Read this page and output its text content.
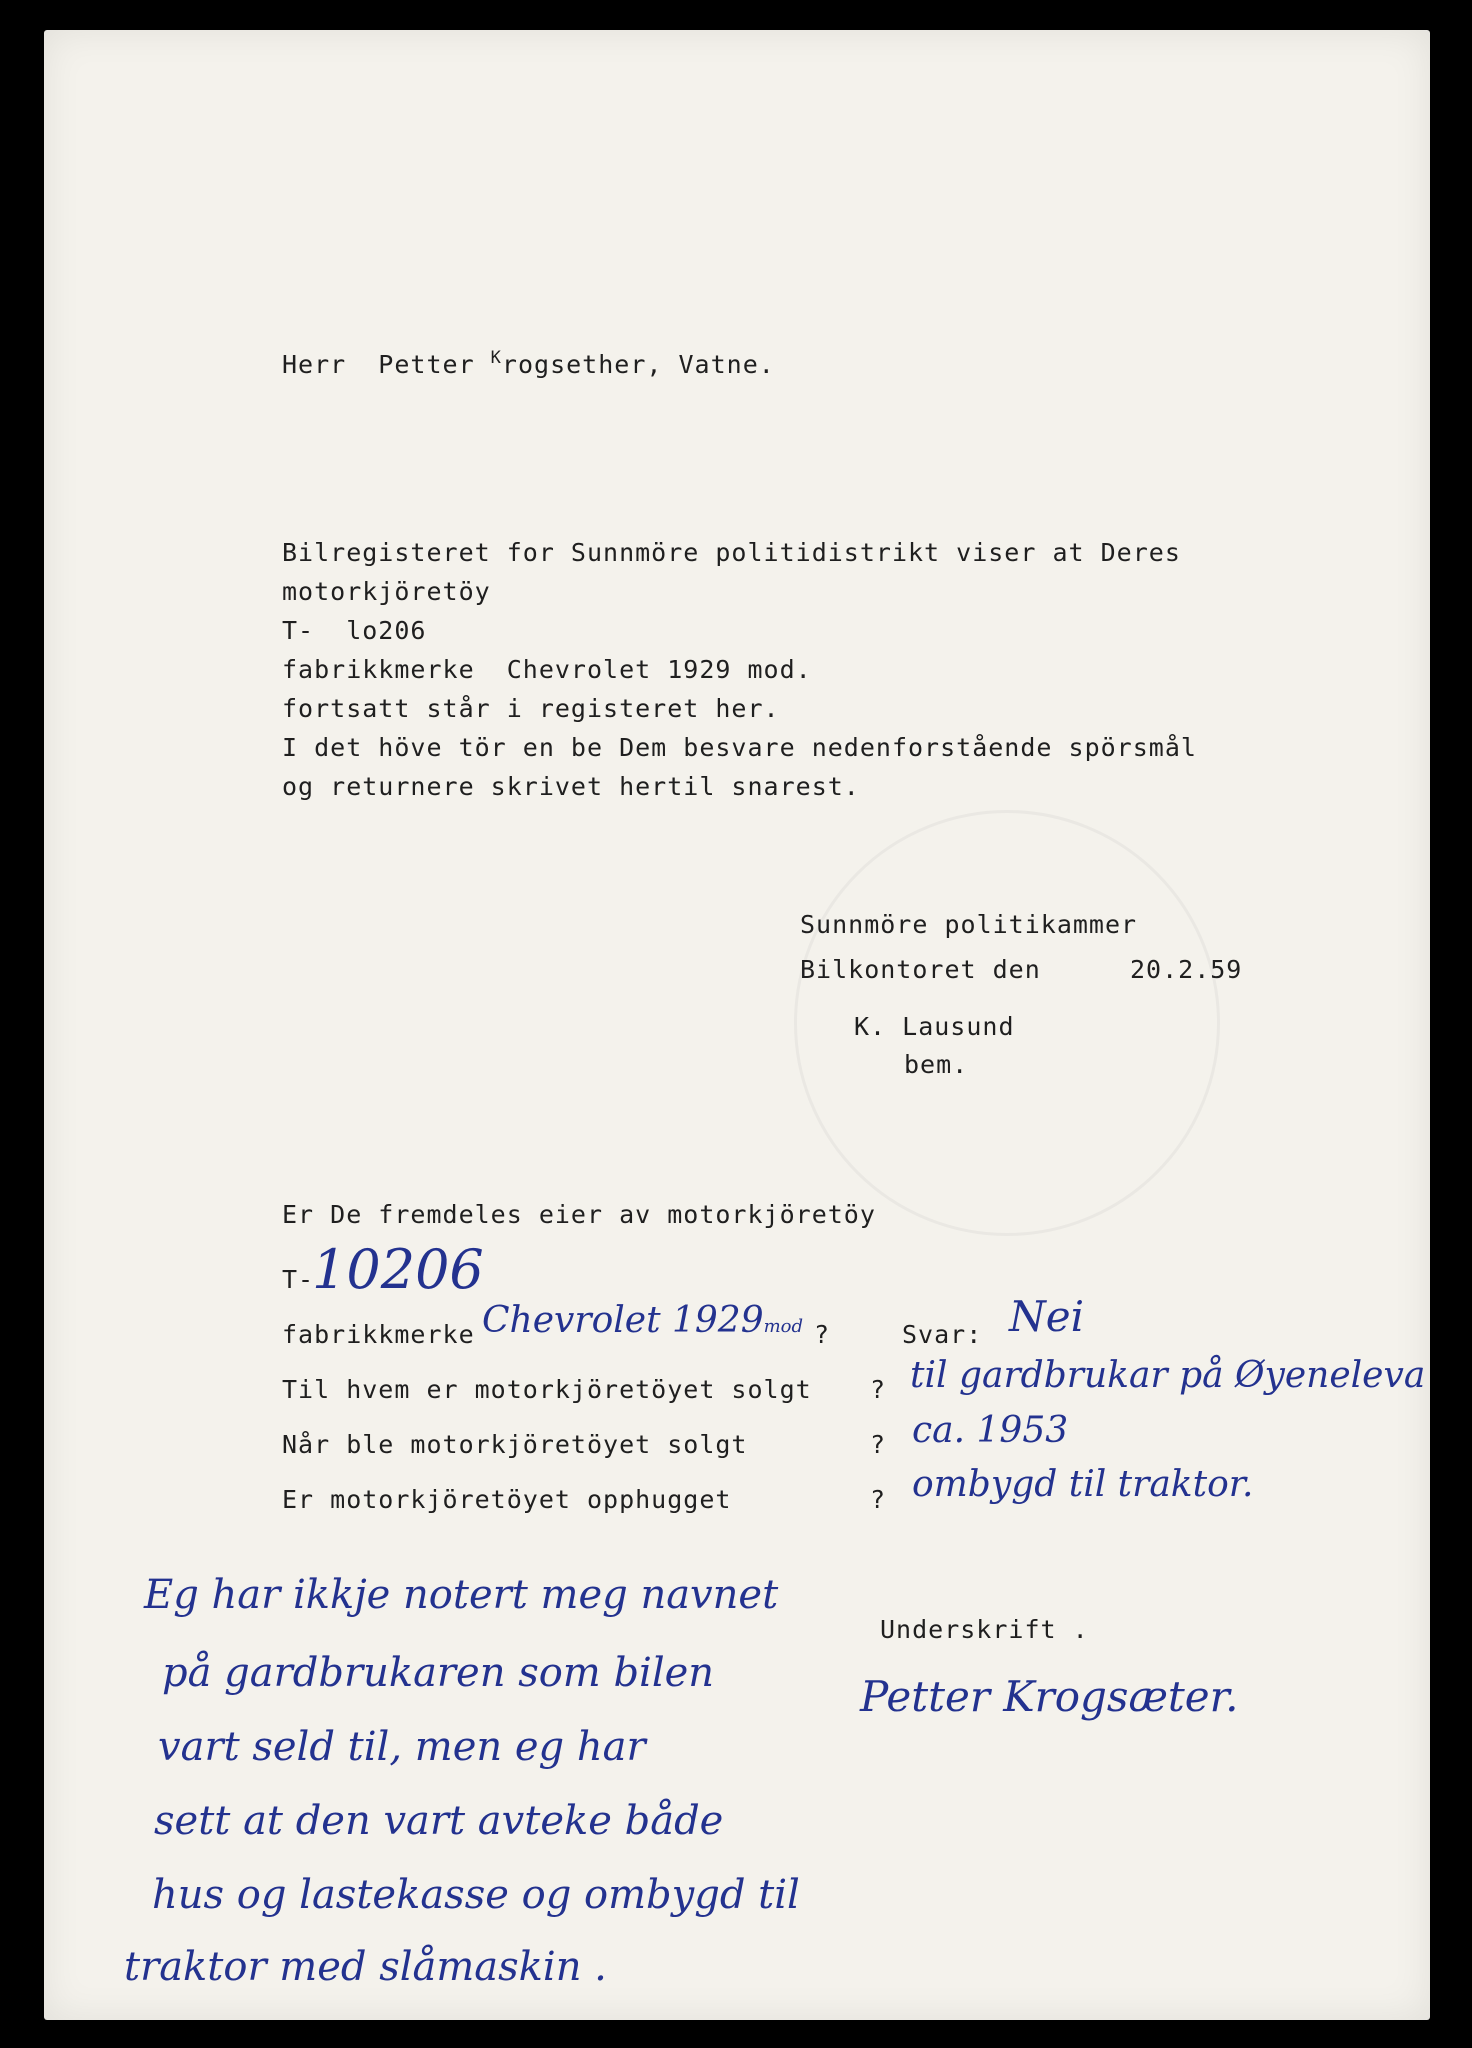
Herr  Petter $^K$rogsether, Vatne.
Bilregisteret for Sunnmöre politidistrikt viser at Deres
motorkjöretöy
T-  lo206
fabrikkmerke  Chevrolet 1929 mod.
fortsatt står i registeret her.
I det höve tör en be Dem besvare nedenforstående spörsmål
og returnere skrivet hertil snarest.
Sunnmöre politikammer
Bilkontoret den	20.2.59
K. Lausund
bem.
Er De fremdeles eier av motorkjöretöy
T-
10206
fabrikkmerke Chevrolet 1929mod ?	Svar: Nei
Til hvem er motorkjöretöyet solgt ? til gardbrukar på Øyeneleva
Når ble motorkjöretöyet solgt	? ca. 1953
Er motorkjöretöyet opphugget	? ombygd til traktor.
Underskrift .
Petter Krogsæter.
Eg har ikkje notert meg navnet
på gardbrukaren som bilen
vart seld til, men eg har
sett at den vart avteke både
hus og lastekasse og ombygd til
traktor med slåmaskin .
